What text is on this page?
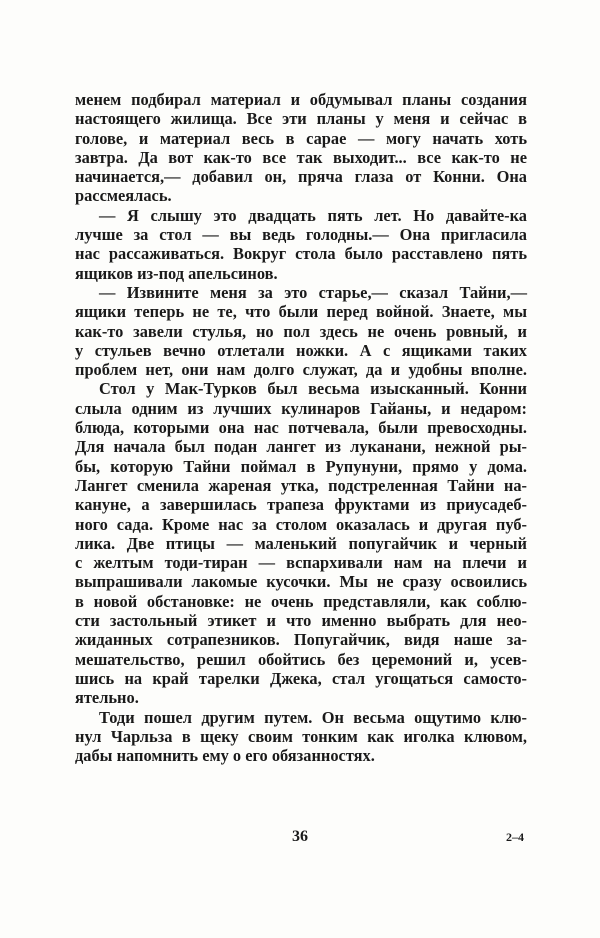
менем подбирал материал и обдумывал планы создания
настоящего жилища. Все эти планы у меня и сейчас в
голове, и материал весь в сарае — могу начать хоть
завтра. Да вот как-то все так выходит... все как-то не
начинается,— добавил он, пряча глаза от Конни. Она
рассмеялась.
— Я слышу это двадцать пять лет. Но давайте-ка
лучше за стол — вы ведь голодны.— Она пригласила
нас рассаживаться. Вокруг стола было расставлено пять
ящиков из-под апельсинов.
— Извините меня за это старье,— сказал Тайни,—
ящики теперь не те, что были перед войной. Знаете, мы
как-то завели стулья, но пол здесь не очень ровный, и
у стульев вечно отлетали ножки. А с ящиками таких
проблем нет, они нам долго служат, да и удобны вполне.
Стол у Мак-Турков был весьма изысканный. Конни
слыла одним из лучших кулинаров Гайаны, и недаром:
блюда, которыми она нас потчевала, были превосходны.
Для начала был подан лангет из луканани, нежной ры-
бы, которую Тайни поймал в Рупунуни, прямо у дома.
Лангет сменила жареная утка, подстреленная Тайни на-
кануне, а завершилась трапеза фруктами из приусадеб-
ного сада. Кроме нас за столом оказалась и другая пуб-
лика. Две птицы — маленький попугайчик и черный
с желтым тоди-тиран — вспархивали нам на плечи и
выпрашивали лакомые кусочки. Мы не сразу освоились
в новой обстановке: не очень представляли, как соблю-
сти застольный этикет и что именно выбрать для нео-
жиданных сотрапезников. Попугайчик, видя наше за-
мешательство, решил обойтись без церемоний и, усев-
шись на край тарелки Джека, стал угощаться самосто-
ятельно.
Тоди пошел другим путем. Он весьма ощутимо клю-
нул Чарльза в щеку своим тонким как иголка клювом,
дабы напомнить ему о его обязанностях.
36	2–4
